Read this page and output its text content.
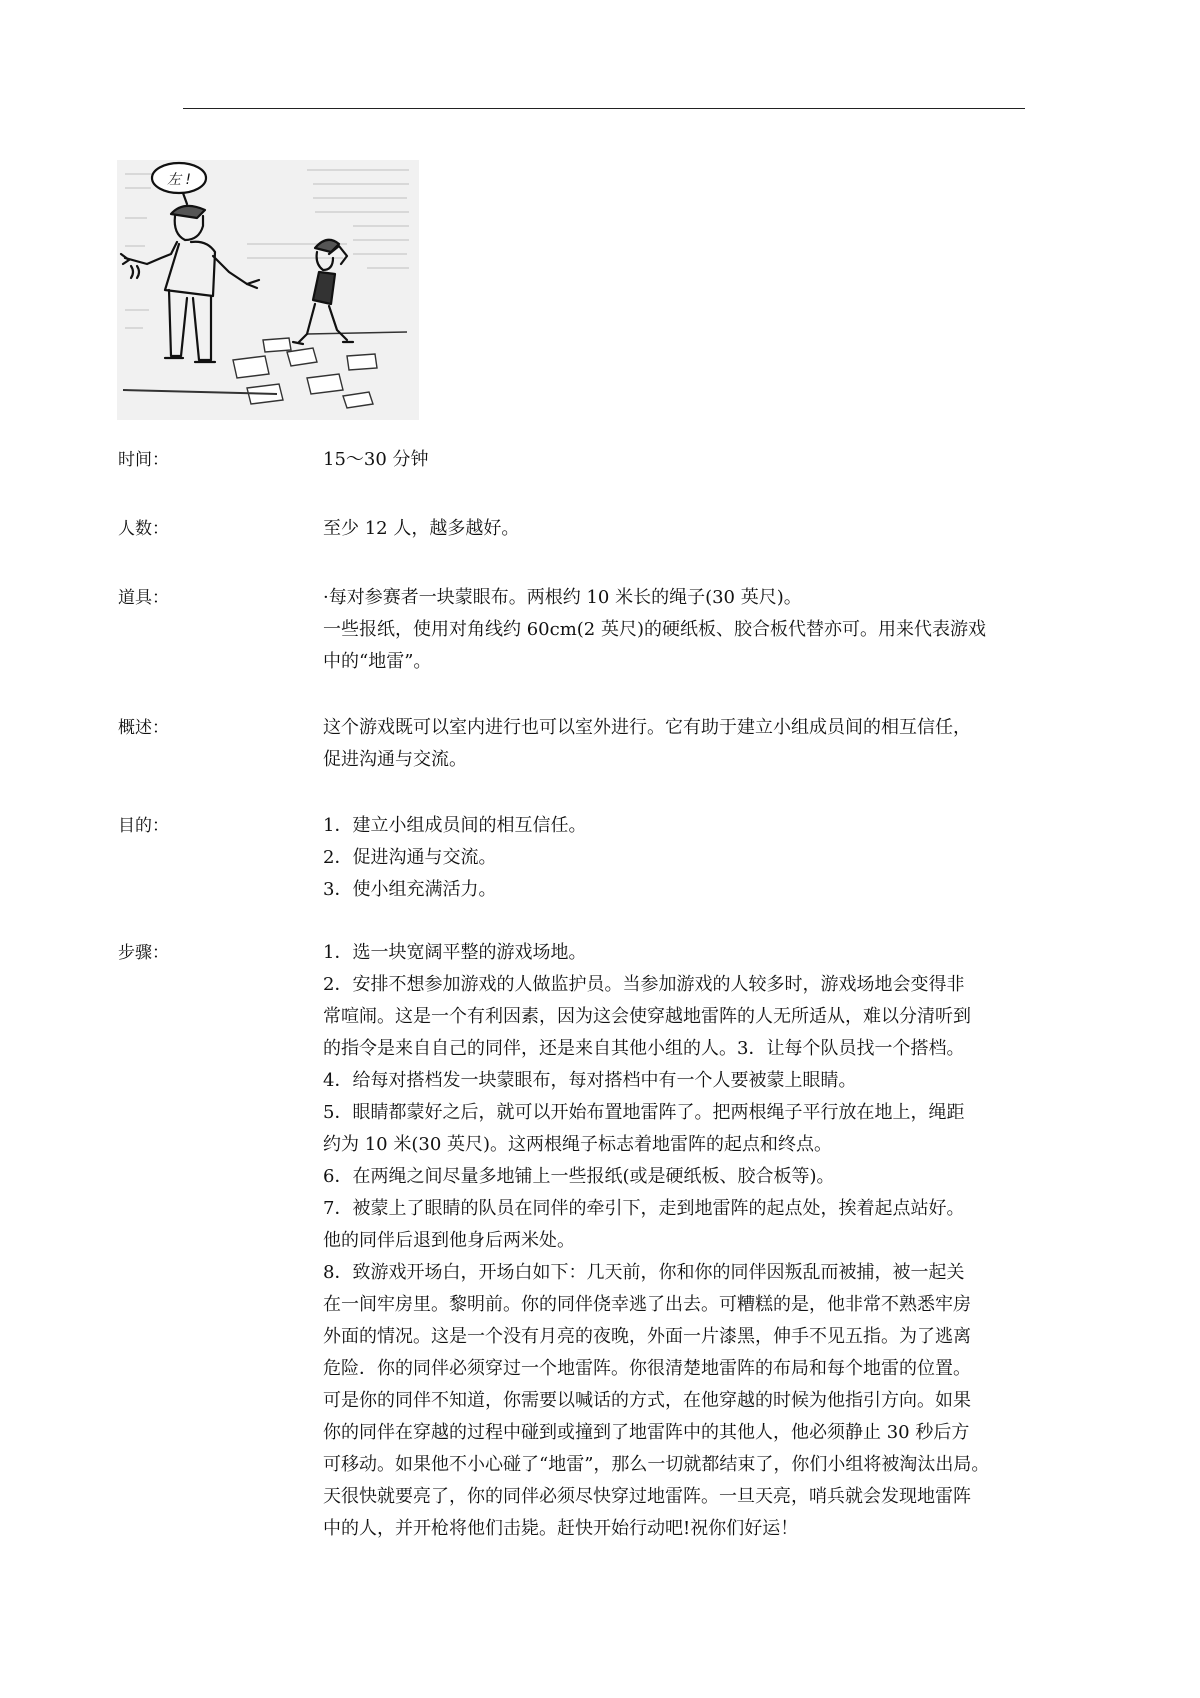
左 !
时间：	15～30 分钟
人数：	至少 12 人，越多越好。
道具：	·每对参赛者一块蒙眼布。两根约 10 米长的绳子(30 英尺)。
一些报纸，使用对角线约 60cm(2 英尺)的硬纸板、胶合板代替亦可。用来代表游戏
中的“地雷”。
概述：	这个游戏既可以室内进行也可以室外进行。它有助于建立小组成员间的相互信任，
促进沟通与交流。
目的：	1．建立小组成员间的相互信任。
2．促进沟通与交流。
3．使小组充满活力。
步骤：	1．选一块宽阔平整的游戏场地。
2．安排不想参加游戏的人做监护员。当参加游戏的人较多时，游戏场地会变得非
常喧闹。这是一个有利因素，因为这会使穿越地雷阵的人无所适从，难以分清听到
的指令是来自自己的同伴，还是来自其他小组的人。3．让每个队员找一个搭档。
4．给每对搭档发一块蒙眼布，每对搭档中有一个人要被蒙上眼睛。
5．眼睛都蒙好之后，就可以开始布置地雷阵了。把两根绳子平行放在地上，绳距
约为 10 米(30 英尺)。这两根绳子标志着地雷阵的起点和终点。
6．在两绳之间尽量多地铺上一些报纸(或是硬纸板、胶合板等)。
7．被蒙上了眼睛的队员在同伴的牵引下，走到地雷阵的起点处，挨着起点站好。
他的同伴后退到他身后两米处。
8．致游戏开场白，开场白如下：几天前，你和你的同伴因叛乱而被捕，被一起关
在一间牢房里。黎明前。你的同伴侥幸逃了出去。可糟糕的是，他非常不熟悉牢房
外面的情况。这是一个没有月亮的夜晚，外面一片漆黑，伸手不见五指。为了逃离
危险．你的同伴必须穿过一个地雷阵。你很清楚地雷阵的布局和每个地雷的位置。
可是你的同伴不知道，你需要以喊话的方式，在他穿越的时候为他指引方向。如果
你的同伴在穿越的过程中碰到或撞到了地雷阵中的其他人，他必须静止 30 秒后方
可移动。如果他不小心碰了“地雷”，那么一切就都结束了，你们小组将被淘汰出局。
天很快就要亮了，你的同伴必须尽快穿过地雷阵。一旦天亮，哨兵就会发现地雷阵
中的人，并开枪将他们击毙。赶快开始行动吧!祝你们好运！
